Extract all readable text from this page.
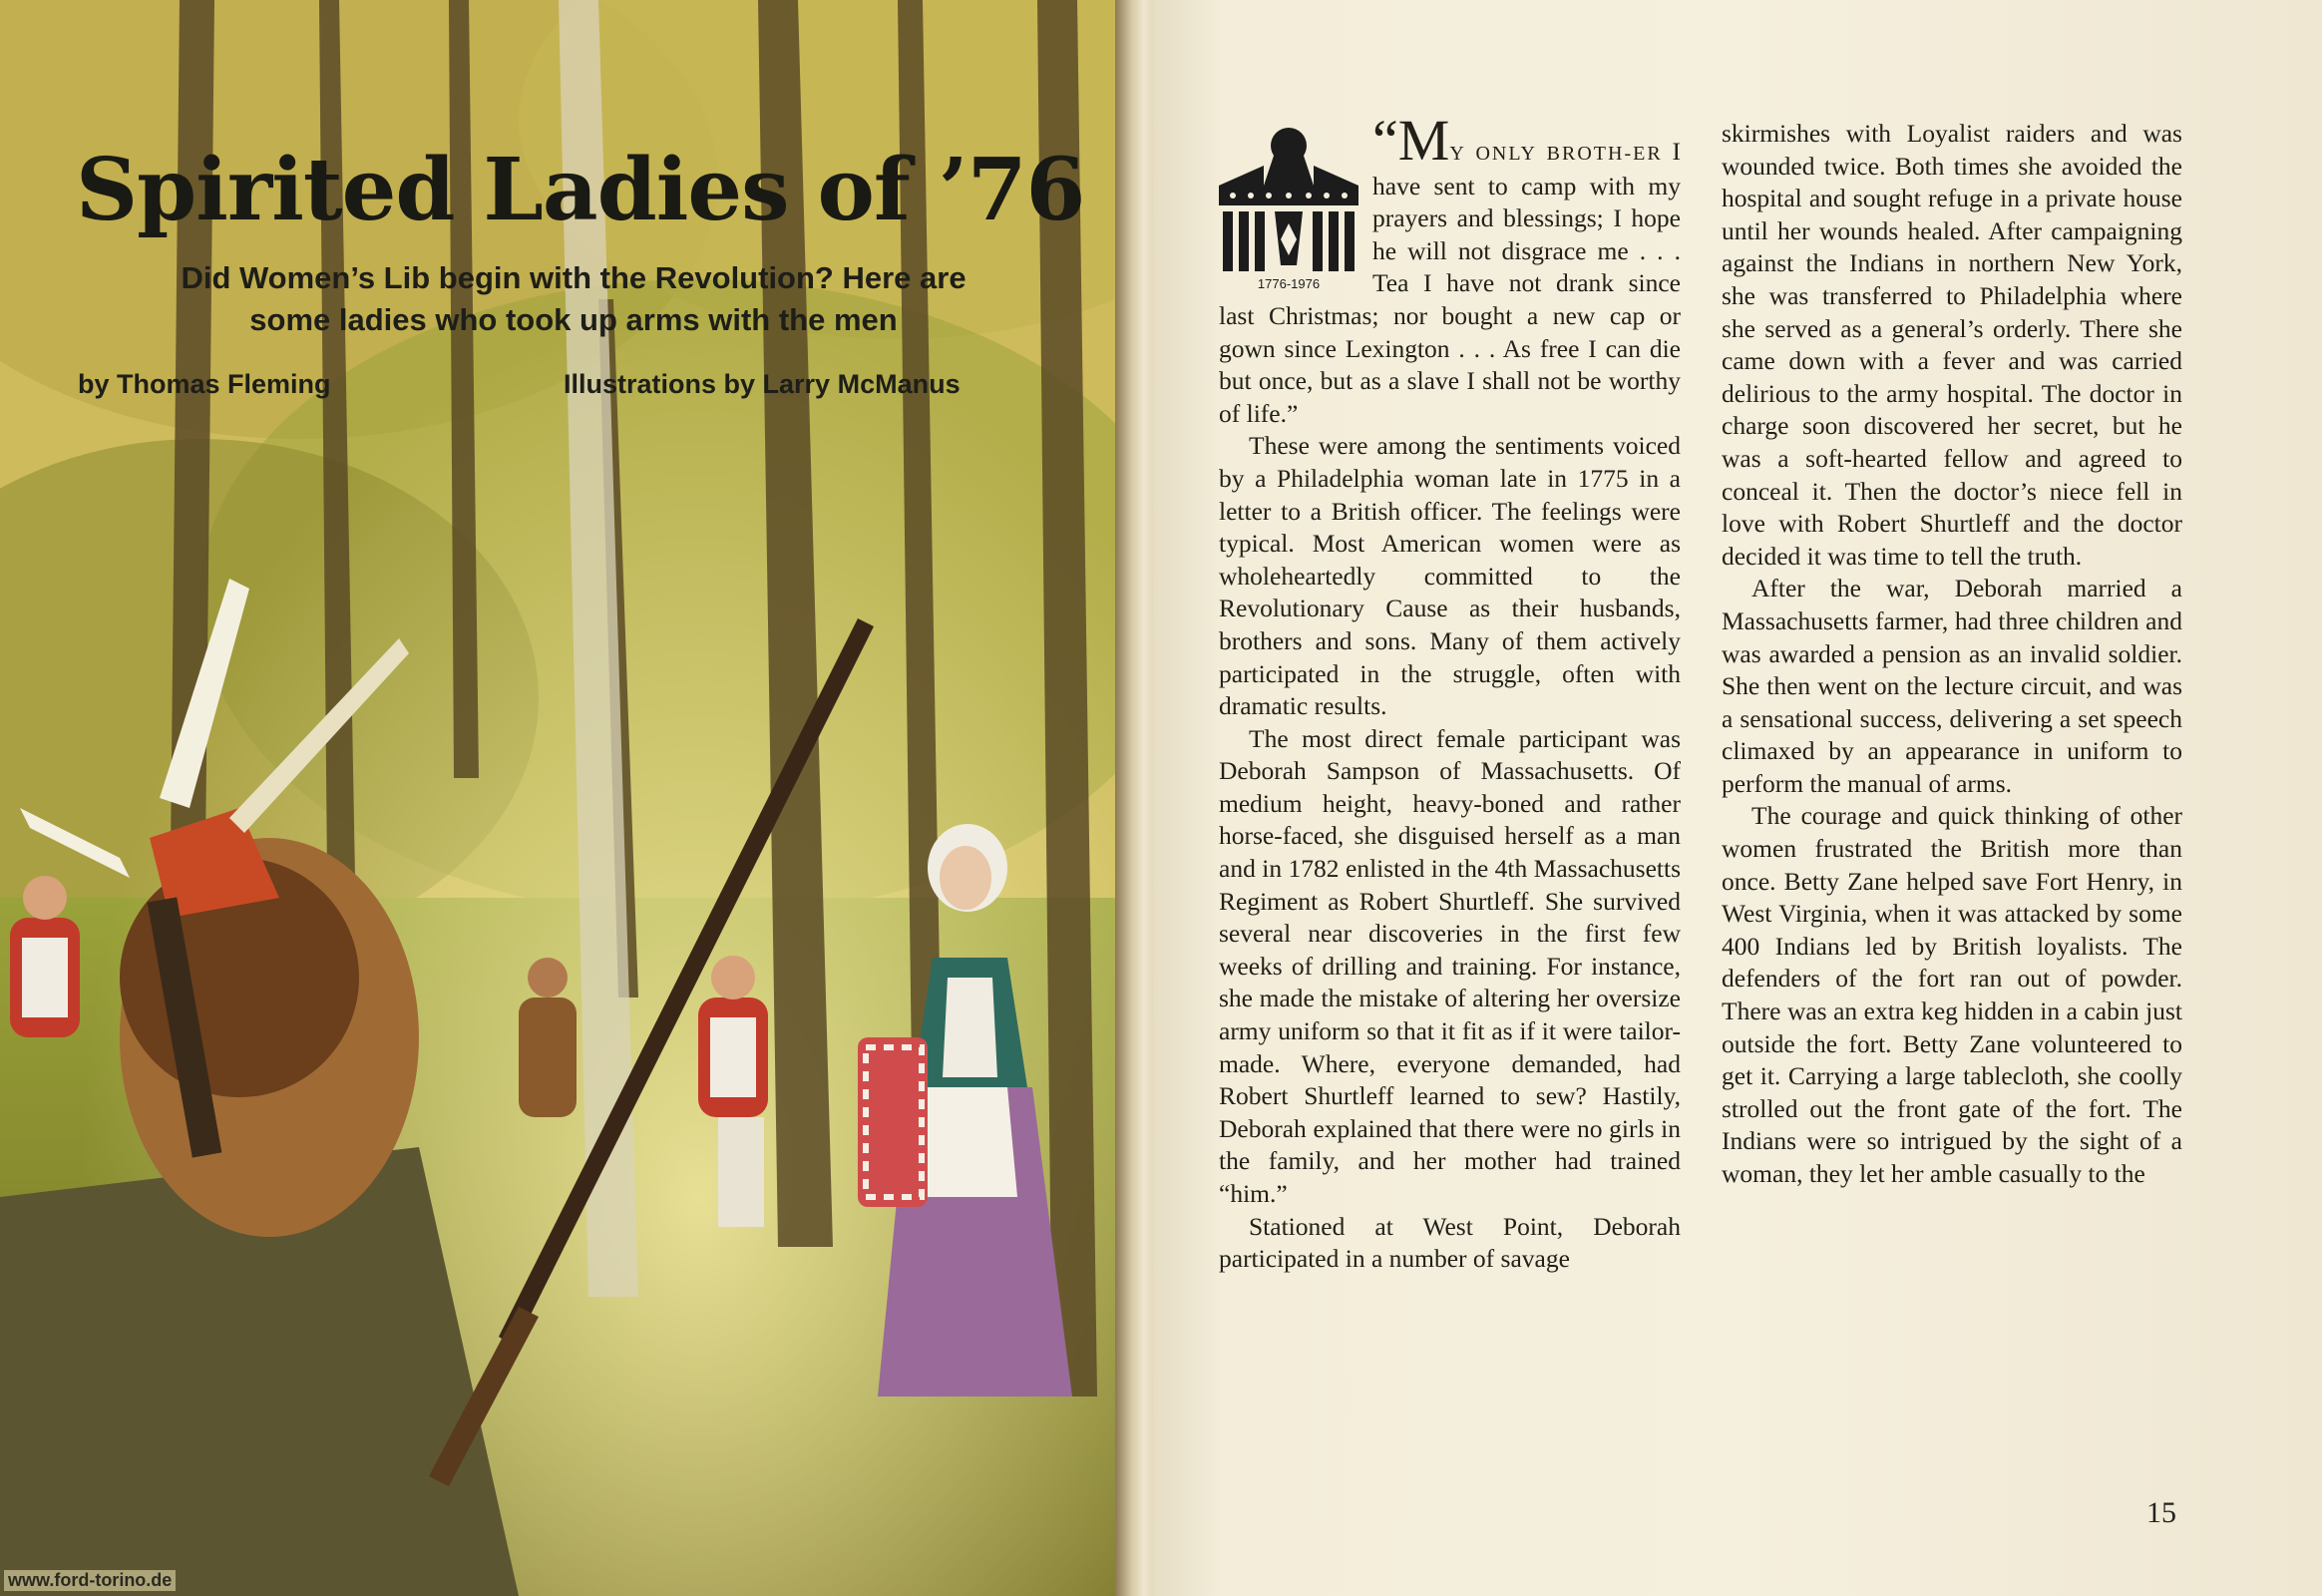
Spirited Ladies of ’76
Did Women’s Lib begin with the Revolution? Here are
some ladies who took up arms with the men
by Thomas Fleming	Illustrations by Larry McManus
www.ford-torino.de

1776-1976
“MY ONLY BROTH-ER I have sent to camp with my prayers and blessings; I hope he will not disgrace me . . . Tea I have not drank since last Christmas; nor bought a new cap or gown since Lexington . . . As free I can die but once, but as a slave I shall not be worthy of life.”

These were among the sentiments voiced by a Philadelphia woman late in 1775 in a letter to a British officer. The feelings were typical. Most American women were as wholeheartedly committed to the Revolutionary Cause as their husbands, brothers and sons. Many of them actively participated in the struggle, often with dramatic results.

The most direct female participant was Deborah Sampson of Massachusetts. Of medium height, heavy-boned and rather horse-faced, she disguised herself as a man and in 1782 enlisted in the 4th Massachusetts Regiment as Robert Shurtleff. She survived several near discoveries in the first few weeks of drilling and training. For instance, she made the mistake of altering her oversize army uniform so that it fit as if it were tailor-made. Where, everyone demanded, had Robert Shurtleff learned to sew? Hastily, Deborah explained that there were no girls in the family, and her mother had trained “him.”

Stationed at West Point, Deborah participated in a number of savage

skirmishes with Loyalist raiders and was wounded twice. Both times she avoided the hospital and sought refuge in a private house until her wounds healed. After campaigning against the Indians in northern New York, she was transferred to Philadelphia where she served as a general’s orderly. There she came down with a fever and was carried delirious to the army hospital. The doctor in charge soon discovered her secret, but he was a soft-hearted fellow and agreed to conceal it. Then the doctor’s niece fell in love with Robert Shurtleff and the doctor decided it was time to tell the truth.

After the war, Deborah married a Massachusetts farmer, had three children and was awarded a pension as an invalid soldier. She then went on the lecture circuit, and was a sensational success, delivering a set speech climaxed by an appearance in uniform to perform the manual of arms.

The courage and quick thinking of other women frustrated the British more than once. Betty Zane helped save Fort Henry, in West Virginia, when it was attacked by some 400 Indians led by British loyalists. The defenders of the fort ran out of powder. There was an extra keg hidden in a cabin just outside the fort. Betty Zane volunteered to get it. Carrying a large tablecloth, she coolly strolled out the front gate of the fort. The Indians were so intrigued by the sight of a woman, they let her amble casually to the

15
